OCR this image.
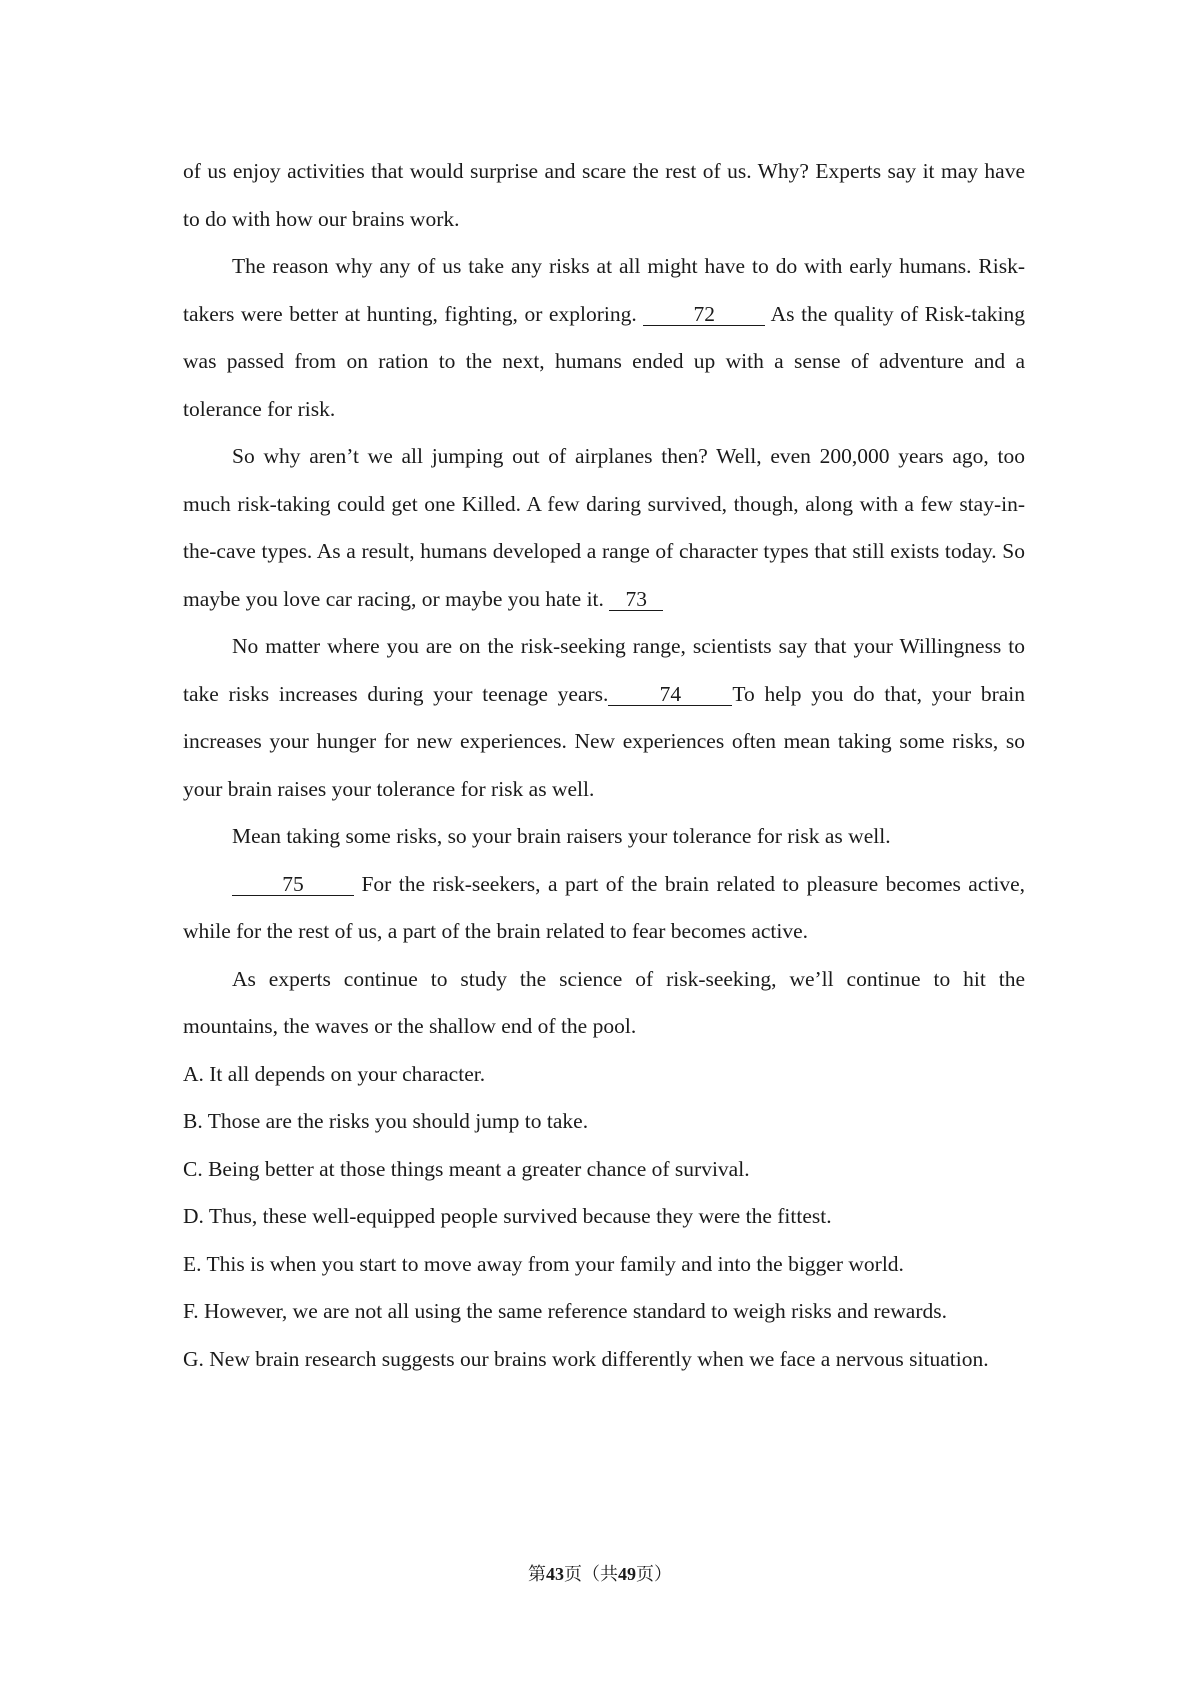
of us enjoy activities that would surprise and scare the rest of us. Why? Experts say it may have to do with how our brains work.

The reason why any of us take any risks at all might have to do with early humans. Risk-takers were better at hunting, fighting, or exploring. 72 As the quality of Risk-taking was passed from on ration to the next, humans ended up with a sense of adventure and a tolerance for risk.

So why aren’t we all jumping out of airplanes then? Well, even 200,000 years ago, too much risk-taking could get one Killed. A few daring survived, though, along with a few stay-in-the-cave types. As a result, humans developed a range of character types that still exists today. So maybe you love car racing, or maybe you hate it. 73

No matter where you are on the risk-seeking range, scientists say that your Willingness to take risks increases during your teenage years. 74 To help you do that, your brain increases your hunger for new experiences. New experiences often mean taking some risks, so your brain raises your tolerance for risk as well.

Mean taking some risks, so your brain raisers your tolerance for risk as well.

75 For the risk-seekers, a part of the brain related to pleasure becomes active, while for the rest of us, a part of the brain related to fear becomes active.

As experts continue to study the science of risk-seeking, we’ll continue to hit the mountains, the waves or the shallow end of the pool.

A. It all depends on your character.

B. Those are the risks you should jump to take.

C. Being better at those things meant a greater chance of survival.

D. Thus, these well-equipped people survived because they were the fittest.

E. This is when you start to move away from your family and into the bigger world.

F. However, we are not all using the same reference standard to weigh risks and rewards.

G. New brain research suggests our brains work differently when we face a nervous situation.

第43页（共49页）
